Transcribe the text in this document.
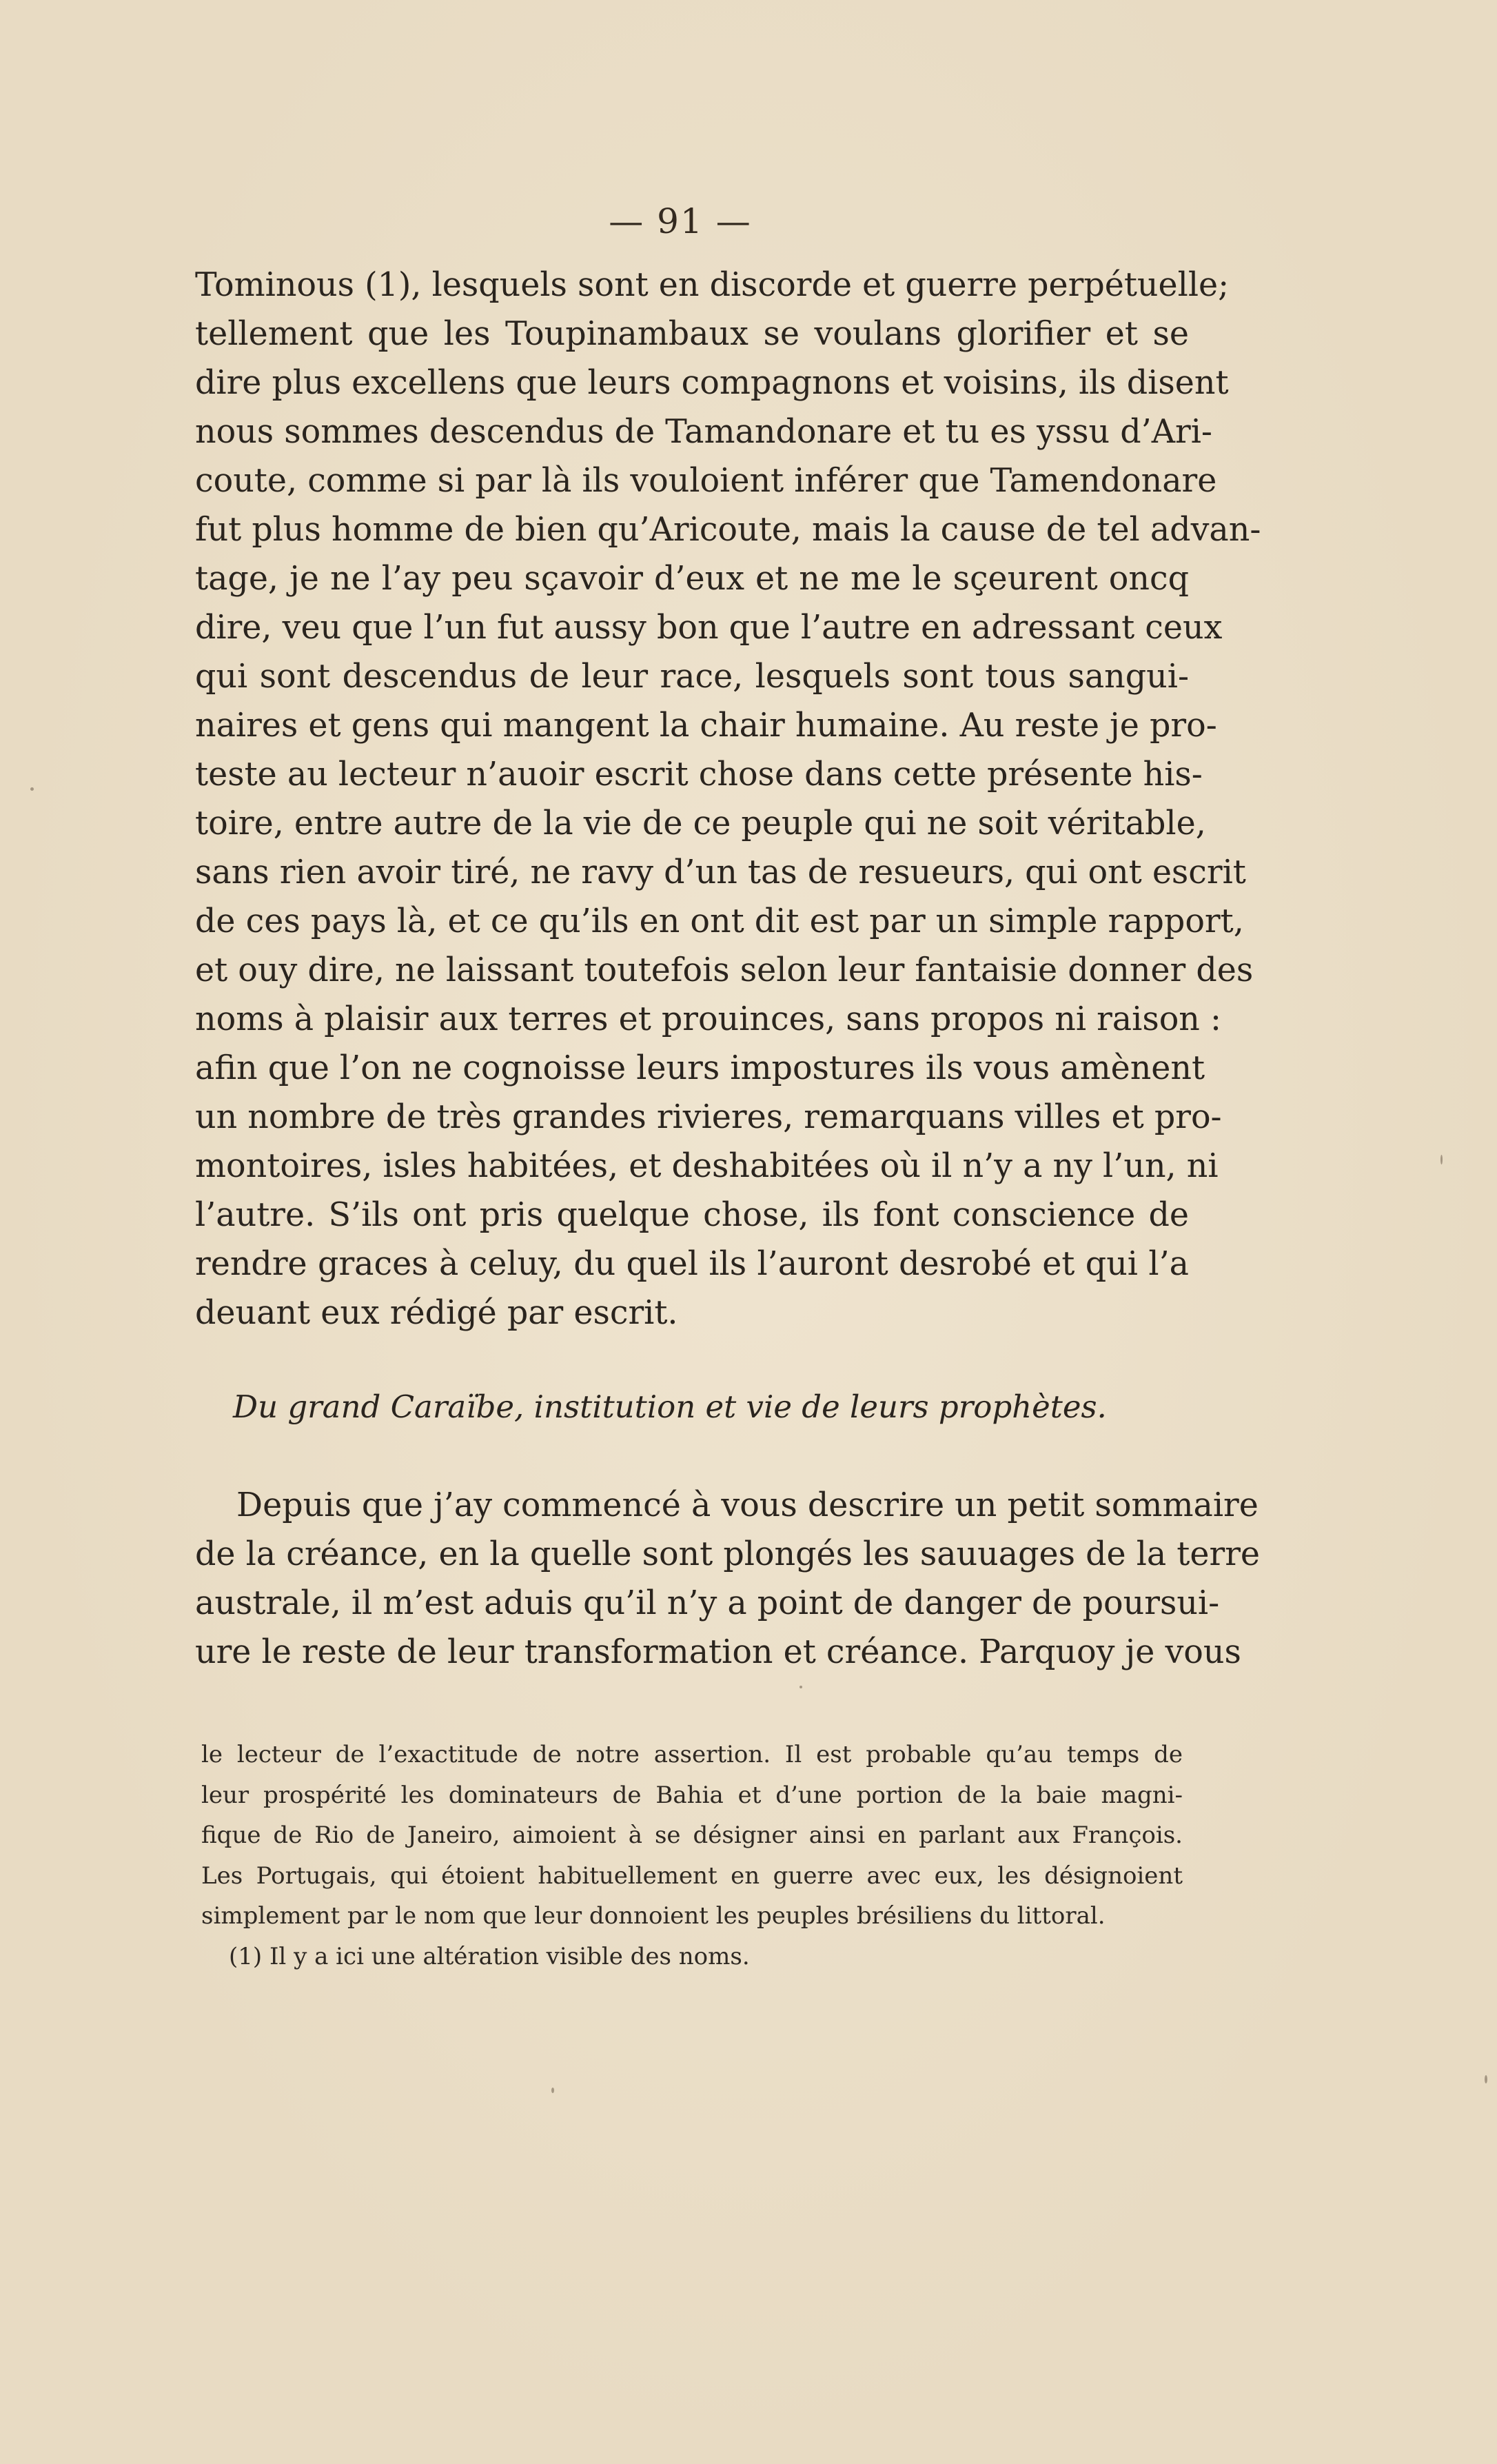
— 91 —
Tominous (1), lesquels sont en discorde et guerre perpétuelle;
tellement que les Toupinambaux se voulans glorifier et se
dire plus excellens que leurs compagnons et voisins, ils disent
nous sommes descendus de Tamandonare et tu es yssu d’Ari-
coute, comme si par là ils vouloient inférer que Tamendonare
fut plus homme de bien qu’Aricoute, mais la cause de tel advan-
tage, je ne l’ay peu sçavoir d’eux et ne me le sçeurent oncq
dire, veu que l’un fut aussy bon que l’autre en adressant ceux
qui sont descendus de leur race, lesquels sont tous sangui-
naires et gens qui mangent la chair humaine. Au reste je pro-
teste au lecteur n’auoir escrit chose dans cette présente his-
toire, entre autre de la vie de ce peuple qui ne soit véritable,
sans rien avoir tiré, ne ravy d’un tas de resueurs, qui ont escrit
de ces pays là, et ce qu’ils en ont dit est par un simple rapport,
et ouy dire, ne laissant toutefois selon leur fantaisie donner des
noms à plaisir aux terres et prouinces, sans propos ni raison :
afin que l’on ne cognoisse leurs impostures ils vous amènent
un nombre de très grandes rivieres, remarquans villes et pro-
montoires, isles habitées, et deshabitées où il n’y a ny l’un, ni
l’autre. S’ils ont pris quelque chose, ils font conscience de
rendre graces à celuy, du quel ils l’auront desrobé et qui l’a
deuant eux rédigé par escrit.
Du grand Caraïbe, institution et vie de leurs prophètes.
Depuis que j’ay commencé à vous descrire un petit sommaire
de la créance, en la quelle sont plongés les sauuages de la terre
australe, il m’est aduis qu’il n’y a point de danger de poursui-
ure le reste de leur transformation et créance. Parquoy je vous
le lecteur de l’exactitude de notre assertion. Il est probable qu’au temps de
leur prospérité les dominateurs de Bahia et d’une portion de la baie magni-
fique de Rio de Janeiro, aimoient à se désigner ainsi en parlant aux François.
Les Portugais, qui étoient habituellement en guerre avec eux, les désignoient
simplement par le nom que leur donnoient les peuples brésiliens du littoral.
(1) Il y a ici une altération visible des noms.
